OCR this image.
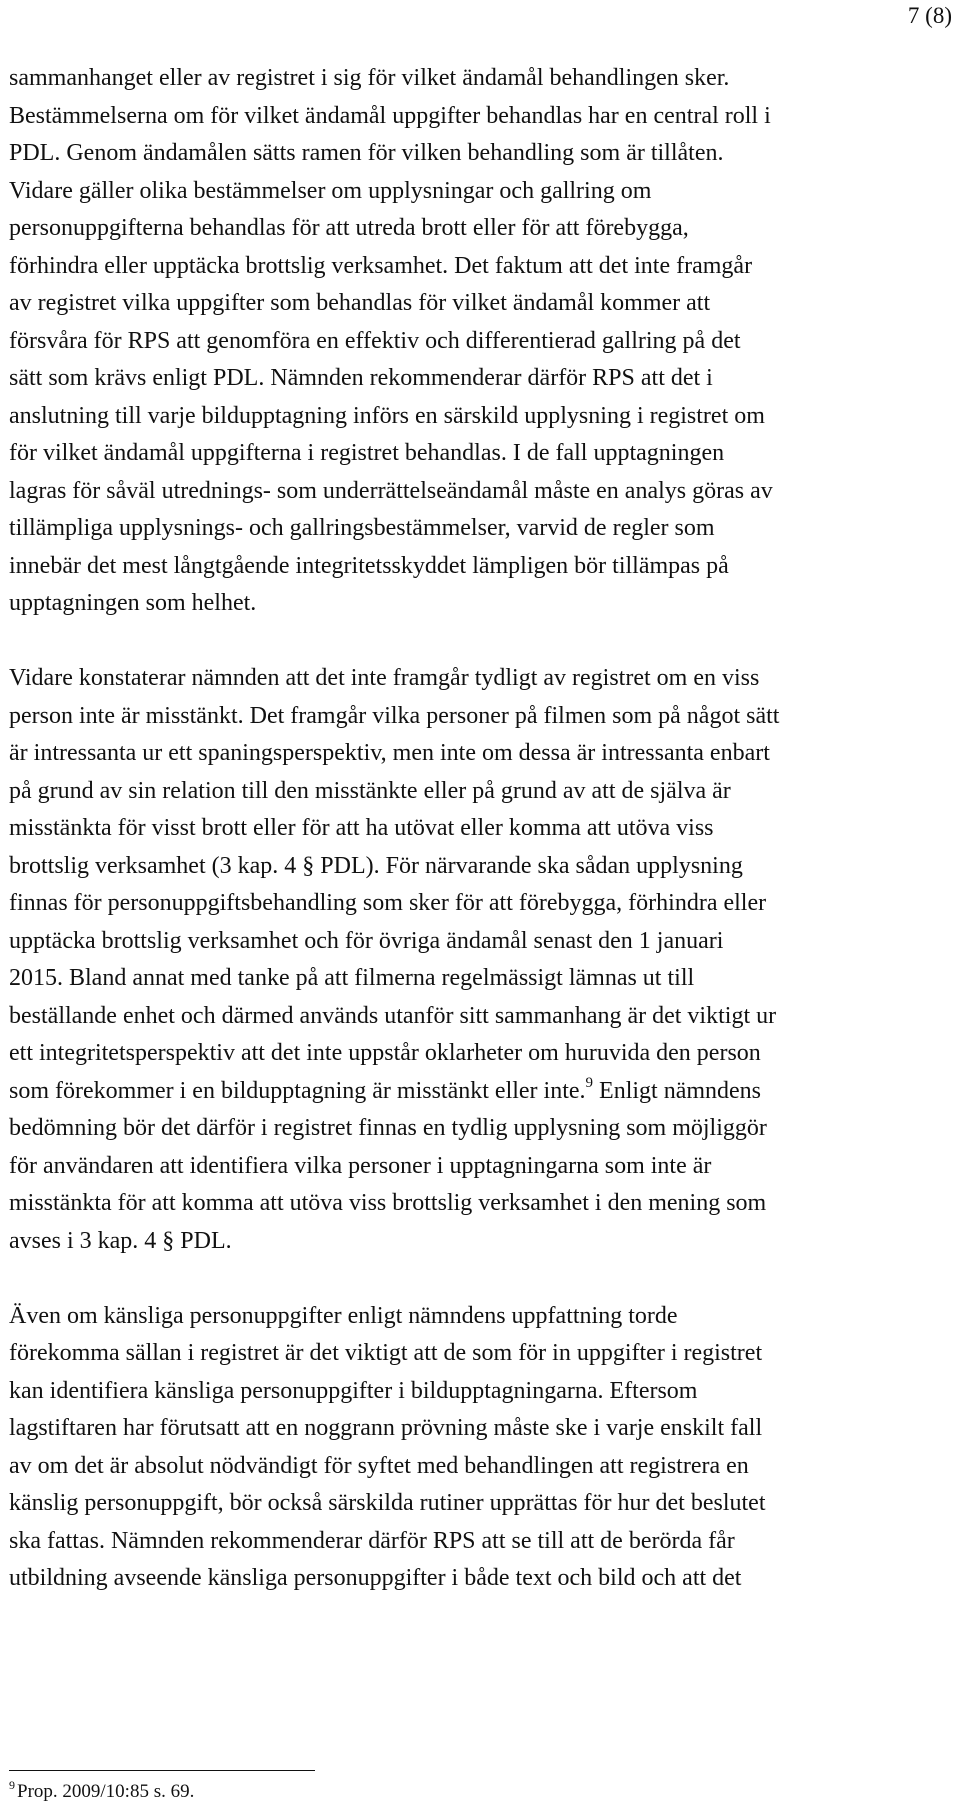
7 (8)

sammanhanget eller av registret i sig för vilket ändamål behandlingen sker.
Bestämmelserna om för vilket ändamål uppgifter behandlas har en central roll i
PDL. Genom ändamålen sätts ramen för vilken behandling som är tillåten.
Vidare gäller olika bestämmelser om upplysningar och gallring om
personuppgifterna behandlas för att utreda brott eller för att förebygga,
förhindra eller upptäcka brottslig verksamhet. Det faktum att det inte framgår
av registret vilka uppgifter som behandlas för vilket ändamål kommer att
försvåra för RPS att genomföra en effektiv och differentierad gallring på det
sätt som krävs enligt PDL. Nämnden rekommenderar därför RPS att det i
anslutning till varje bildupptagning införs en särskild upplysning i registret om
för vilket ändamål uppgifterna i registret behandlas. I de fall upptagningen
lagras för såväl utrednings- som underrättelseändamål måste en analys göras av
tillämpliga upplysnings- och gallringsbestämmelser, varvid de regler som
innebär det mest långtgående integritetsskyddet lämpligen bör tillämpas på
upptagningen som helhet.

Vidare konstaterar nämnden att det inte framgår tydligt av registret om en viss
person inte är misstänkt. Det framgår vilka personer på filmen som på något sätt
är intressanta ur ett spaningsperspektiv, men inte om dessa är intressanta enbart
på grund av sin relation till den misstänkte eller på grund av att de själva är
misstänkta för visst brott eller för att ha utövat eller komma att utöva viss
brottslig verksamhet (3 kap. 4 § PDL). För närvarande ska sådan upplysning
finnas för personuppgiftsbehandling som sker för att förebygga, förhindra eller
upptäcka brottslig verksamhet och för övriga ändamål senast den 1 januari
2015. Bland annat med tanke på att filmerna regelmässigt lämnas ut till
beställande enhet och därmed används utanför sitt sammanhang är det viktigt ur
ett integritetsperspektiv att det inte uppstår oklarheter om huruvida den person
som förekommer i en bildupptagning är misstänkt eller inte.$^9$ Enligt nämndens
bedömning bör det därför i registret finnas en tydlig upplysning som möjliggör
för användaren att identifiera vilka personer i upptagningarna som inte är
misstänkta för att komma att utöva viss brottslig verksamhet i den mening som
avses i 3 kap. 4 § PDL.

Även om känsliga personuppgifter enligt nämndens uppfattning torde
förekomma sällan i registret är det viktigt att de som för in uppgifter i registret
kan identifiera känsliga personuppgifter i bildupptagningarna. Eftersom
lagstiftaren har förutsatt att en noggrann prövning måste ske i varje enskilt fall
av om det är absolut nödvändigt för syftet med behandlingen att registrera en
känslig personuppgift, bör också särskilda rutiner upprättas för hur det beslutet
ska fattas. Nämnden rekommenderar därför RPS att se till att de berörda får
utbildning avseende känsliga personuppgifter i både text och bild och att det

$^9$ Prop. 2009/10:85 s. 69.
